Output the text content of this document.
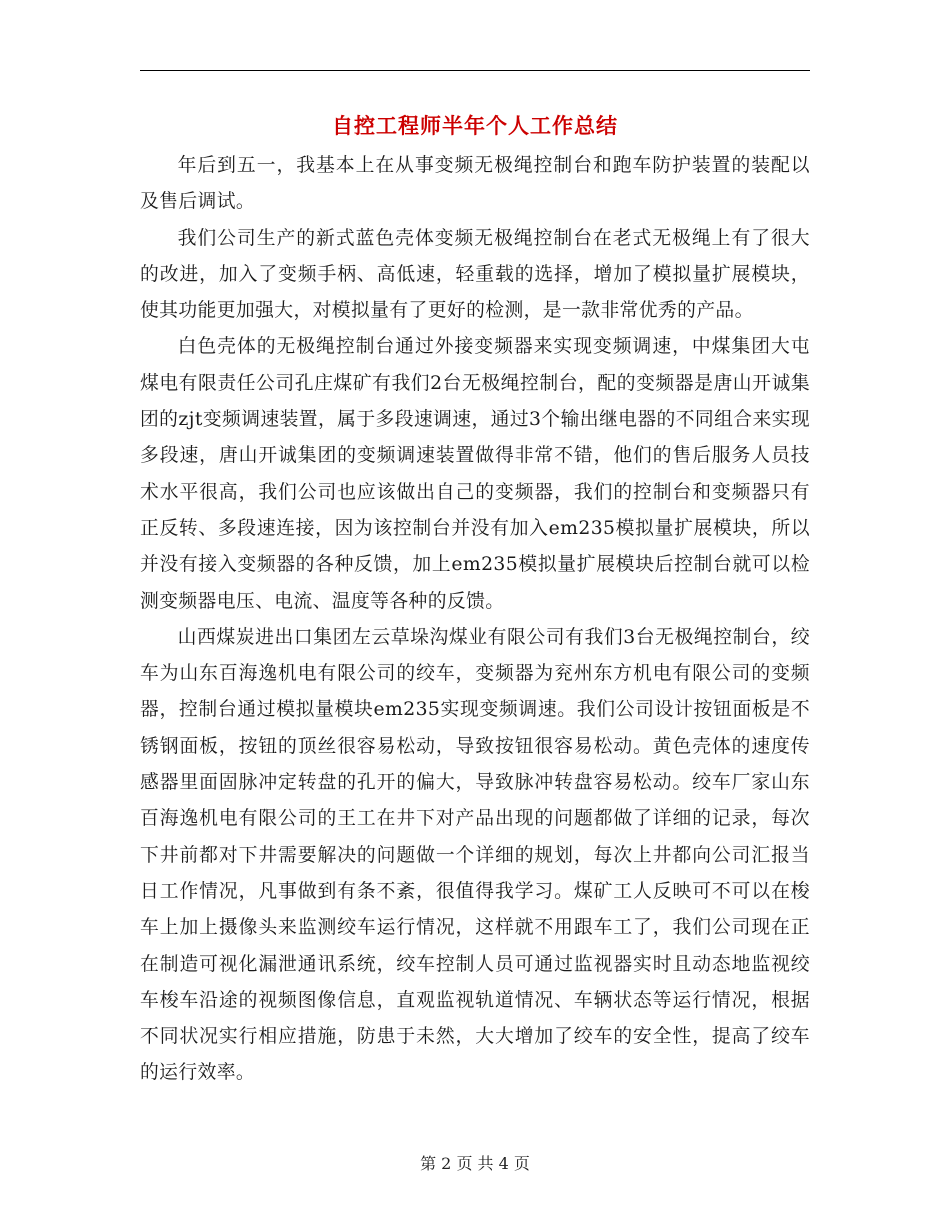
自控工程师半年个人工作总结

年后到五一，我基本上在从事变频无极绳控制台和跑车防护装置的装配以及售后调试。

我们公司生产的新式蓝色壳体变频无极绳控制台在老式无极绳上有了很大的改进，加入了变频手柄、高低速，轻重载的选择，增加了模拟量扩展模块，使其功能更加强大，对模拟量有了更好的检测，是一款非常优秀的产品。

白色壳体的无极绳控制台通过外接变频器来实现变频调速，中煤集团大屯煤电有限责任公司孔庄煤矿有我们2台无极绳控制台，配的变频器是唐山开诚集团的zjt变频调速装置，属于多段速调速，通过3个输出继电器的不同组合来实现多段速，唐山开诚集团的变频调速装置做得非常不错，他们的售后服务人员技术水平很高，我们公司也应该做出自己的变频器，我们的控制台和变频器只有正反转、多段速连接，因为该控制台并没有加入em235模拟量扩展模块，所以并没有接入变频器的各种反馈，加上em235模拟量扩展模块后控制台就可以检测变频器电压、电流、温度等各种的反馈。

山西煤炭进出口集团左云草垛沟煤业有限公司有我们3台无极绳控制台，绞车为山东百海逸机电有限公司的绞车，变频器为兖州东方机电有限公司的变频器，控制台通过模拟量模块em235实现变频调速。我们公司设计按钮面板是不锈钢面板，按钮的顶丝很容易松动，导致按钮很容易松动。黄色壳体的速度传感器里面固脉冲定转盘的孔开的偏大，导致脉冲转盘容易松动。绞车厂家山东百海逸机电有限公司的王工在井下对产品出现的问题都做了详细的记录，每次下井前都对下井需要解决的问题做一个详细的规划，每次上井都向公司汇报当日工作情况，凡事做到有条不紊，很值得我学习。煤矿工人反映可不可以在梭车上加上摄像头来监测绞车运行情况，这样就不用跟车工了，我们公司现在正在制造可视化漏泄通讯系统，绞车控制人员可通过监视器实时且动态地监视绞车梭车沿途的视频图像信息，直观监视轨道情况、车辆状态等运行情况，根据不同状况实行相应措施，防患于未然，大大增加了绞车的安全性，提高了绞车的运行效率。

第 2 页 共 4 页
